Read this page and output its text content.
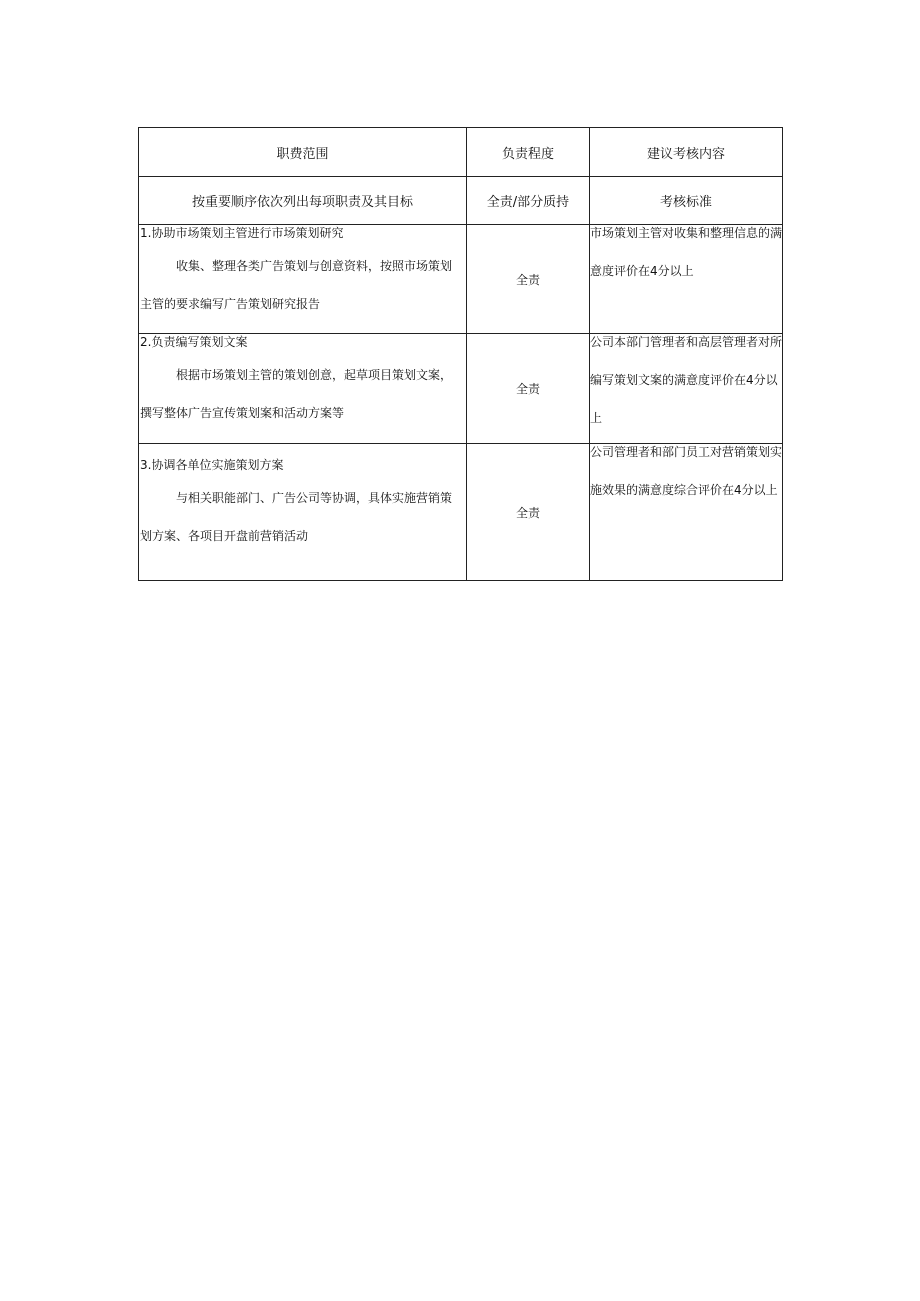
职费范围	负责程度	建议考核内容
按重要顺序依次列出每项职责及其目标	全责/部分质持	考核标准

1.协助市场策划主管进行市场策划研究

收集、整理各类广告策划与创意资料，按照市场策划主管的要求编写广告策划研究报告	全责	市场策划主管对收集和整理信息的满意度评价在4分以上

2.负责编写策划文案

根据市场策划主管的策划创意，起草项目策划文案，撰写整体广告宣传策划案和活动方案等	全责	公司本部门管理者和高层管理者对所编写策划文案的满意度评价在4分以上

3.协调各单位实施策划方案

与相关职能部门、广告公司等协调，具体实施营销策划方案、各项目开盘前营销活动	全责	公司管理者和部门员工对营销策划实施效果的满意度综合评价在4分以上
